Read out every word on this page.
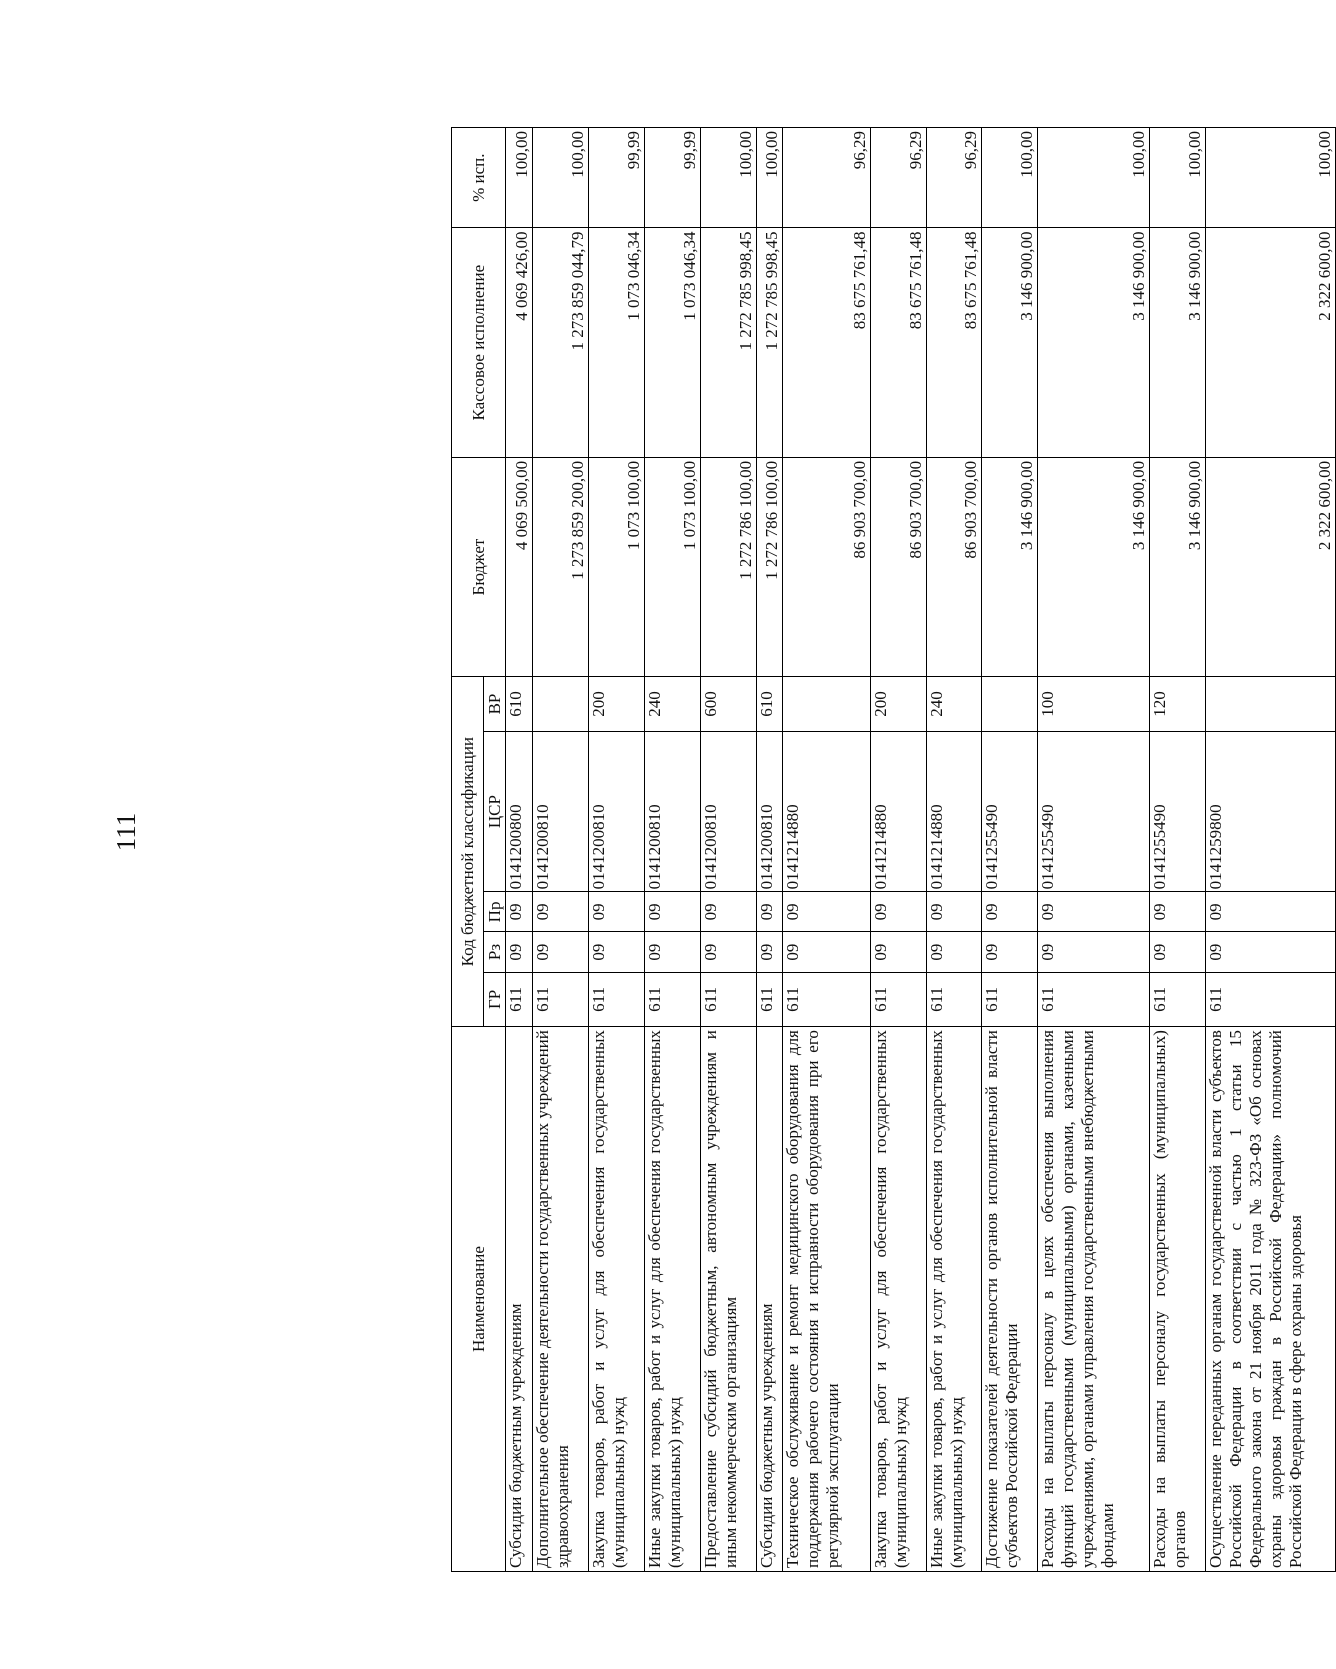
111
Наименование	Код бюджетной классификации					Бюджет	Кассовое исполнение	% исп.
	ГР	Рз	Пр	ЦСР	ВР			
Субсидии бюджетным учреждениям	611	09	09	0141200800	610	4 069 500,00	4 069 426,00	100,00
Дополнительное обеспечение деятельности государственных учреждений здравоохранения	611	09	09	0141200810		1 273 859 200,00	1 273 859 044,79	100,00
Закупка товаров, работ и услуг для обеспечения государственных (муниципальных) нужд	611	09	09	0141200810	200	1 073 100,00	1 073 046,34	99,99
Иные закупки товаров, работ и услуг для обеспечения государственных (муниципальных) нужд	611	09	09	0141200810	240	1 073 100,00	1 073 046,34	99,99
Предоставление субсидий бюджетным, автономным учреждениям и иным некоммерческим организациям	611	09	09	0141200810	600	1 272 786 100,00	1 272 785 998,45	100,00
Субсидии бюджетным учреждениям	611	09	09	0141200810	610	1 272 786 100,00	1 272 785 998,45	100,00
Техническое обслуживание и ремонт медицинского оборудования для поддержания рабочего состояния и исправности оборудования при его регулярной эксплуатации	611	09	09	0141214880		86 903 700,00	83 675 761,48	96,29
Закупка товаров, работ и услуг для обеспечения государственных (муниципальных) нужд	611	09	09	0141214880	200	86 903 700,00	83 675 761,48	96,29
Иные закупки товаров, работ и услуг для обеспечения государственных (муниципальных) нужд	611	09	09	0141214880	240	86 903 700,00	83 675 761,48	96,29
Достижение показателей деятельности органов исполнительной власти субъектов Российской Федерации	611	09	09	0141255490		3 146 900,00	3 146 900,00	100,00
Расходы на выплаты персоналу в целях обеспечения выполнения функций государственными (муниципальными) органами, казенными учреждениями, органами управления государственными внебюджетными фондами	611	09	09	0141255490	100	3 146 900,00	3 146 900,00	100,00
Расходы на выплаты персоналу государственных (муниципальных) органов	611	09	09	0141255490	120	3 146 900,00	3 146 900,00	100,00
Осуществление переданных органам государственной власти субъектов Российской Федерации в соответствии с частью 1 статьи 15 Федерального закона от 21 ноября 2011 года № 323-ФЗ «Об основах охраны здоровья граждан в Российской Федерации» полномочий Российской Федерации в сфере охраны здоровья	611	09	09	0141259800		2 322 600,00	2 322 600,00	100,00
